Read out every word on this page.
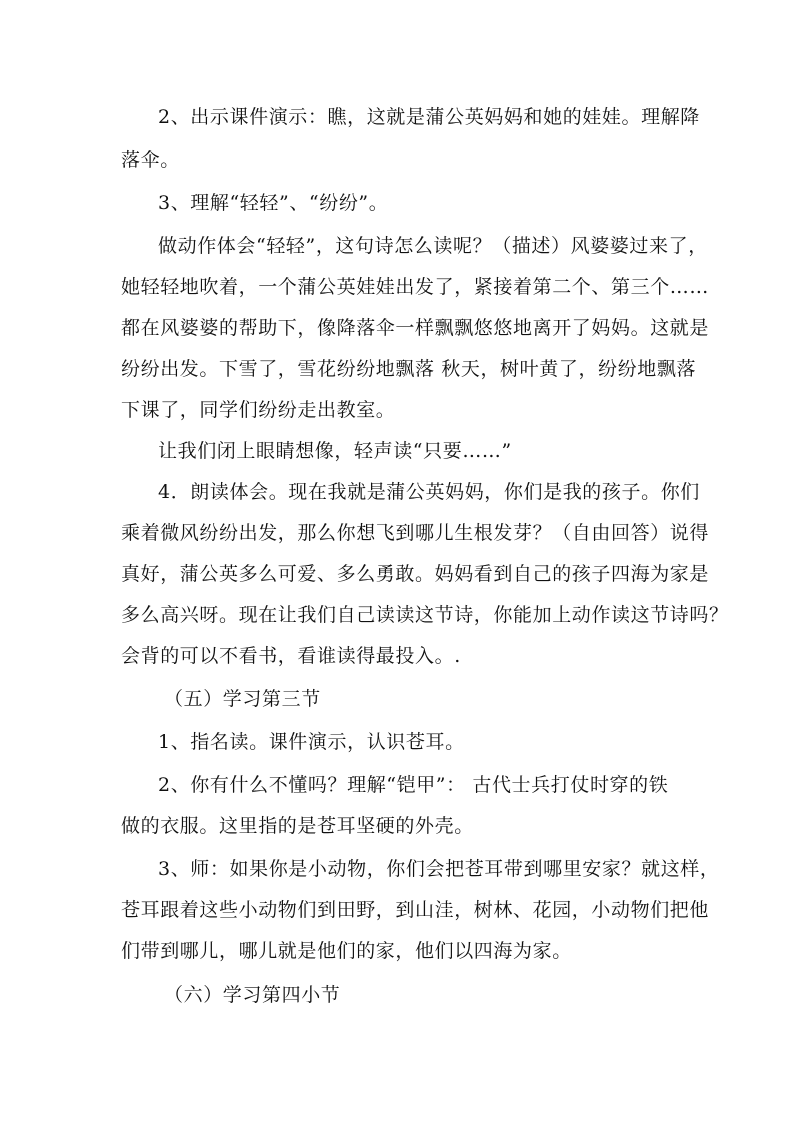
2、出示课件演示：瞧，这就是蒲公英妈妈和她的娃娃。理解降
落伞。
3、理解“轻轻”、“纷纷”。
做动作体会“轻轻”，这句诗怎么读呢？（描述）风婆婆过来了，
她轻轻地吹着，一个蒲公英娃娃出发了，紧接着第二个、第三个……
都在风婆婆的帮助下，像降落伞一样飘飘悠悠地离开了妈妈。这就是
纷纷出发。下雪了，雪花纷纷地飘落 秋天，树叶黄了，纷纷地飘落
下课了，同学们纷纷走出教室。
让我们闭上眼睛想像，轻声读“只要……”
4．朗读体会。现在我就是蒲公英妈妈，你们是我的孩子。你们
乘着微风纷纷出发，那么你想飞到哪儿生根发芽？（自由回答）说得
真好，蒲公英多么可爱、多么勇敢。妈妈看到自己的孩子四海为家是
多么高兴呀。现在让我们自己读读这节诗，你能加上动作读这节诗吗？
会背的可以不看书，看谁读得最投入。.
（五）学习第三节
1、指名读。课件演示，认识苍耳。
2、你有什么不懂吗？理解“铠甲”： 古代士兵打仗时穿的铁
做的衣服。这里指的是苍耳坚硬的外壳。
3、师：如果你是小动物，你们会把苍耳带到哪里安家？就这样，
苍耳跟着这些小动物们到田野，到山洼，树林、花园，小动物们把他
们带到哪儿，哪儿就是他们的家，他们以四海为家。
（六）学习第四小节
